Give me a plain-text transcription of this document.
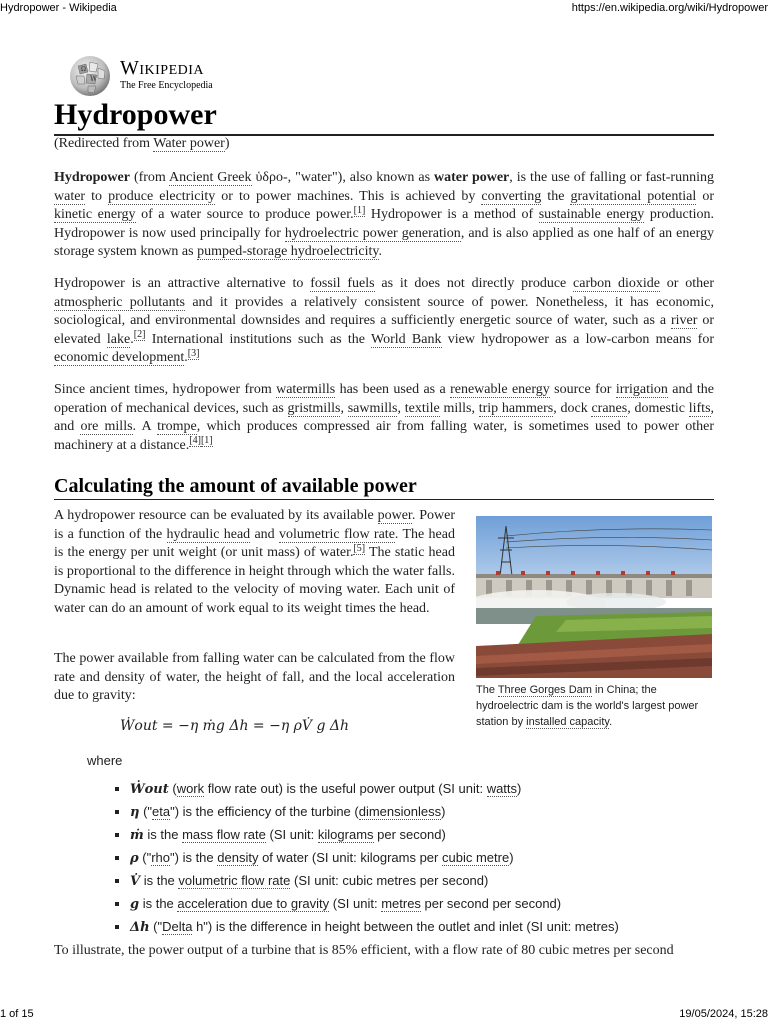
Hydropower - Wikipedia	https://en.wikipedia.org/wiki/Hydropower
Ω
W Wikipedia
The Free Encyclopedia
Hydropower
(Redirected from Water power)

Hydropower (from Ancient Greek ὑδρο-, "water"), also known as water power, is the use of falling or fast-running water to produce electricity or to power machines. This is achieved by converting the gravitational potential or kinetic energy of a water source to produce power.[1] Hydropower is a method of sustainable energy production. Hydropower is now used principally for hydroelectric power generation, and is also applied as one half of an energy storage system known as pumped-storage hydroelectricity.

Hydropower is an attractive alternative to fossil fuels as it does not directly produce carbon dioxide or other atmospheric pollutants and it provides a relatively consistent source of power. Nonetheless, it has economic, sociological, and environmental downsides and requires a sufficiently energetic source of water, such as a river or elevated lake.[2] International institutions such as the World Bank view hydropower as a low-carbon means for economic development.[3]

Since ancient times, hydropower from watermills has been used as a renewable energy source for irrigation and the operation of mechanical devices, such as gristmills, sawmills, textile mills, trip hammers, dock cranes, domestic lifts, and ore mills. A trompe, which produces compressed air from falling water, is sometimes used to power other machinery at a distance.[4][1]

Calculating the amount of available power

A hydropower resource can be evaluated by its available power. Power is a function of the hydraulic head and volumetric flow rate. The head is the energy per unit weight (or unit mass) of water.[5] The static head is proportional to the difference in height through which the water falls. Dynamic head is related to the velocity of moving water. Each unit of water can do an amount of work equal to its weight times the head.

The power available from falling water can be calculated from the flow rate and density of water, the height of fall, and the local acceleration due to gravity:	The Three Gorges Dam in China; the hydroelectric dam is the world's largest power station by installed capacity.
Ẇout = −η ṁg Δh = −η ρV̇ g Δh
where
▪ Ẇout (work flow rate out) is the useful power output (SI unit: watts)
▪ η ("eta") is the efficiency of the turbine (dimensionless)
▪ ṁ is the mass flow rate (SI unit: kilograms per second)
▪ ρ ("rho") is the density of water (SI unit: kilograms per cubic metre)
▪ V̇ is the volumetric flow rate (SI unit: cubic metres per second)
▪ g is the acceleration due to gravity (SI unit: metres per second per second)
▪ Δh ("Delta h") is the difference in height between the outlet and inlet (SI unit: metres)

To illustrate, the power output of a turbine that is 85% efficient, with a flow rate of 80 cubic metres per second

1 of 15	19/05/2024, 15:28
